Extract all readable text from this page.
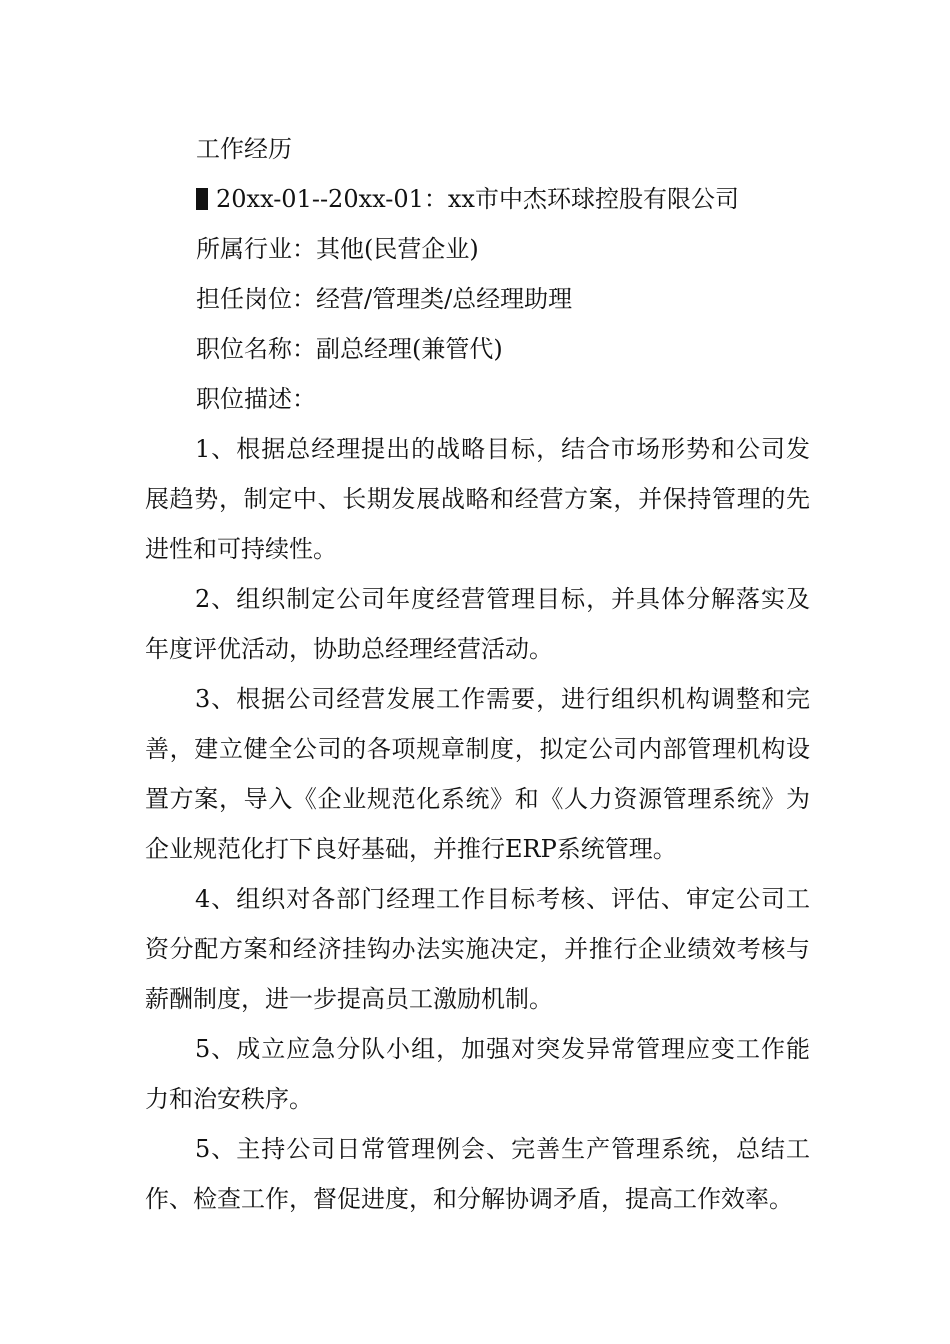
工作经历

20xx-01--20xx-01：xx市中杰环球控股有限公司

所属行业：其他(民营企业)

担任岗位：经营/管理类/总经理助理

职位名称：副总经理(兼管代)

职位描述：

1、根据总经理提出的战略目标，结合市场形势和公司发展趋势，制定中、长期发展战略和经营方案，并保持管理的先进性和可持续性。

2、组织制定公司年度经营管理目标，并具体分解落实及年度评优活动，协助总经理经营活动。

3、根据公司经营发展工作需要，进行组织机构调整和完善，建立健全公司的各项规章制度，拟定公司内部管理机构设置方案，导入《企业规范化系统》和《人力资源管理系统》为企业规范化打下良好基础，并推行ERP系统管理。

4、组织对各部门经理工作目标考核、评估、审定公司工资分配方案和经济挂钩办法实施决定，并推行企业绩效考核与薪酬制度，进一步提高员工激励机制。

5、成立应急分队小组，加强对突发异常管理应变工作能力和治安秩序。

5、主持公司日常管理例会、完善生产管理系统，总结工作、检查工作，督促进度，和分解协调矛盾，提高工作效率。
